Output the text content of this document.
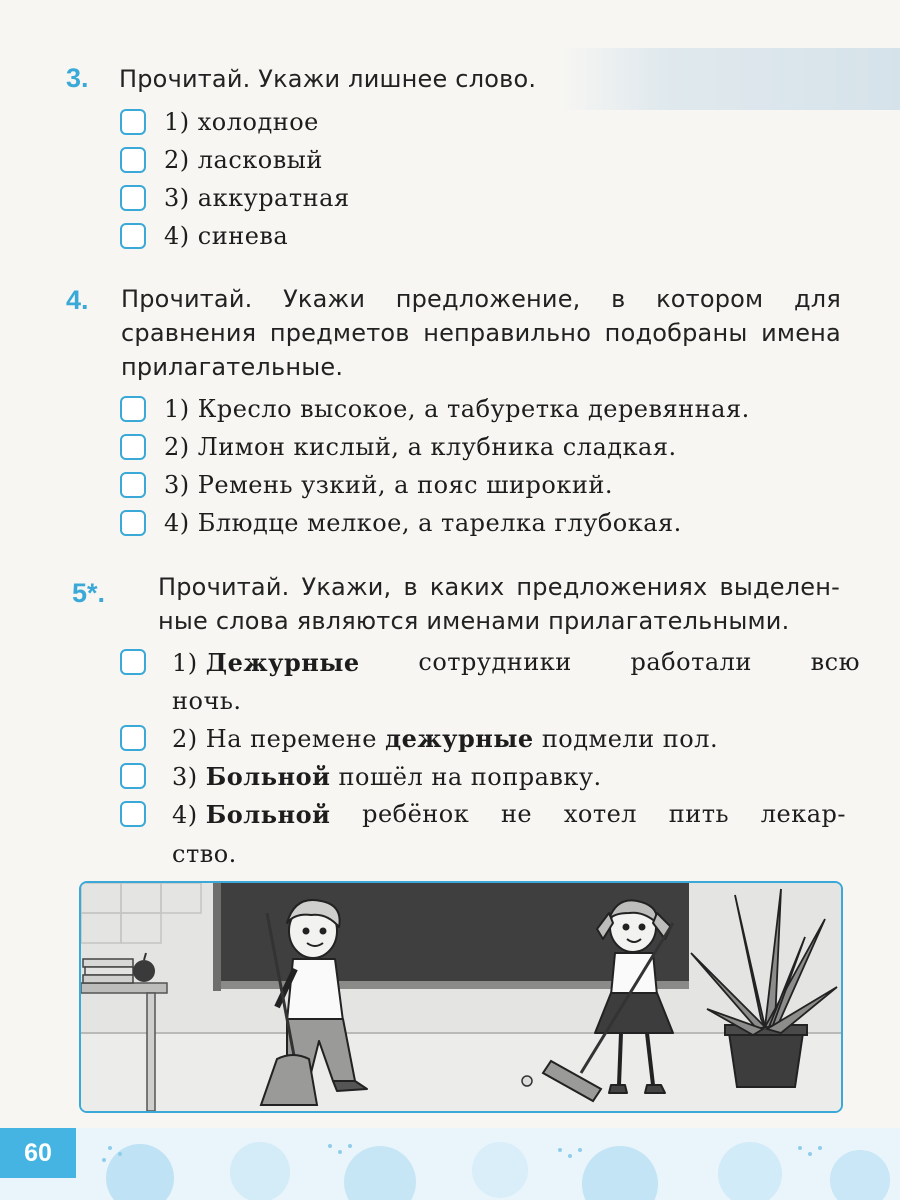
3. Прочитай. Укажи лишнее слово.
1) холодное
2) ласковый
3) аккуратная
4) синева
4. Прочитай. Укажи предложение, в котором для
сравнения предметов неправильно подобраны имена
прилагательные.
1) Кресло высокое, а табуретка деревянная.
2) Лимон кислый, а клубника сладкая.
3) Ремень узкий, а пояс широкий.
4) Блюдце мелкое, а тарелка глубокая.
5*. Прочитай. Укажи, в каких предложениях выделен-
ные слова являются именами прилагательными.
1) Дежурные сотрудники работали всю
ночь.
2) На перемене дежурные подмели пол.
3) Больной пошёл на поправку.
4) Больной ребёнок не хотел пить лекар-
ство.
60
